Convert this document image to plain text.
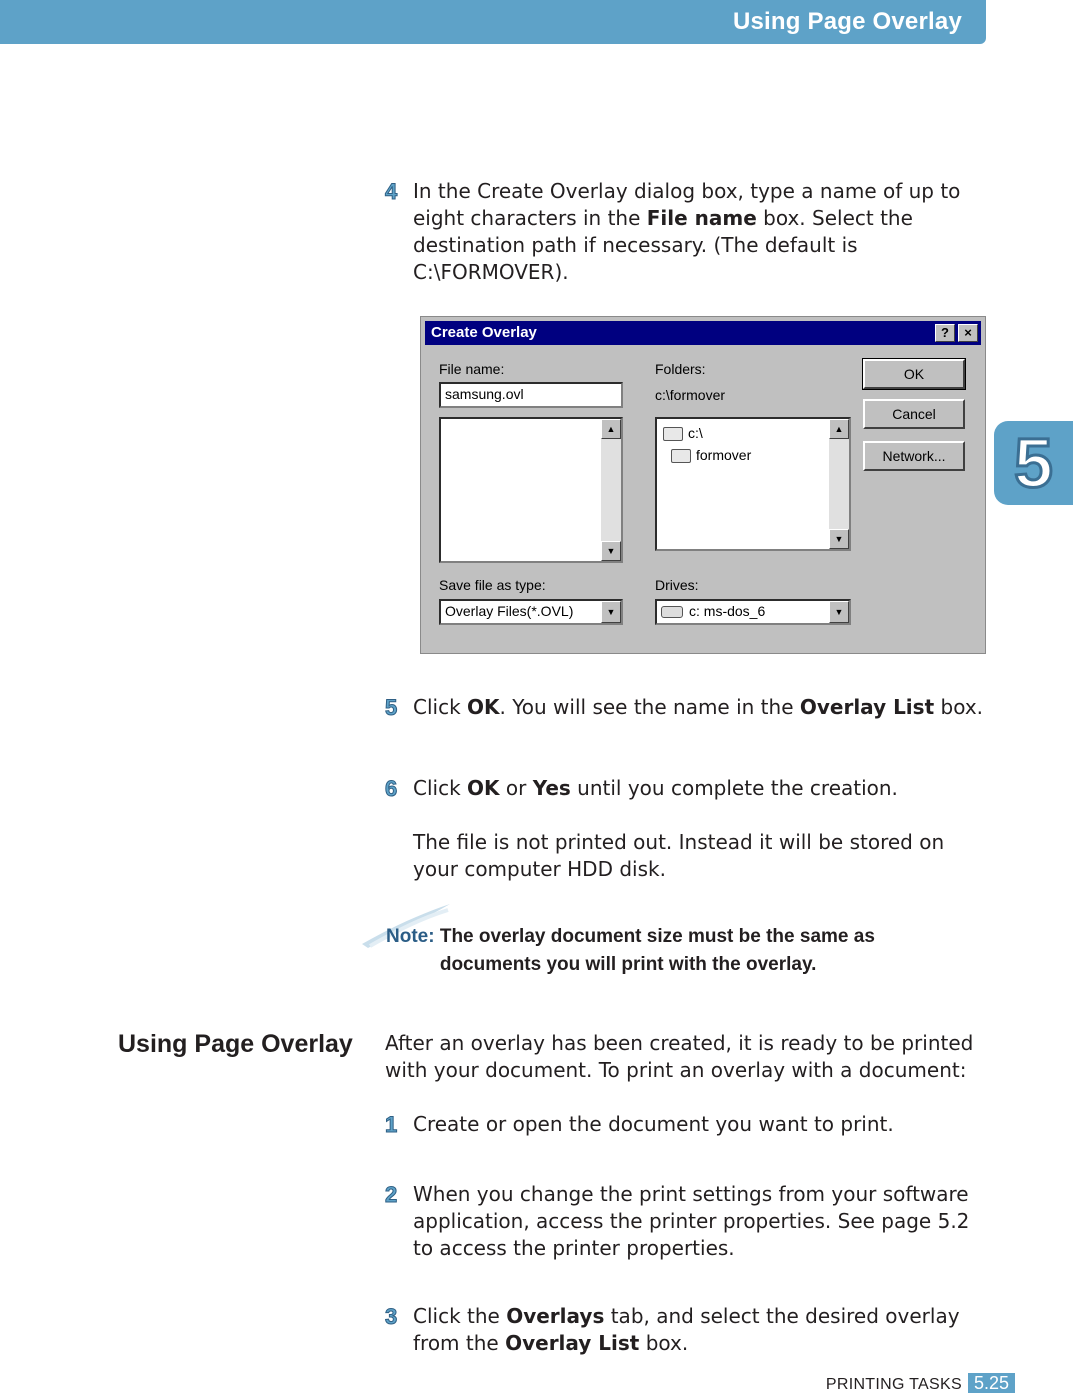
Using Page Overlay
5
4 In the Create Overlay dialog box, type a name of up to eight characters in the File name box. Select the destination path if necessary. (The default is C:\FORMOVER).
Create Overlay	?	×
File name:
samsung.ovl
▲
▼
Folders:
c:\formover
c:\
formover
▲
▼
OK
Cancel
Network...
Save file as type:
Overlay Files(*.OVL)	▼
Drives:
c: ms-dos_6	▼
5 Click OK. You will see the name in the Overlay List box.
6 Click OK or Yes until you complete the creation.
The file is not printed out. Instead it will be stored on your computer HDD disk.
Note: The overlay document size must be the same as documents you will print with the overlay.
Using Page Overlay After an overlay has been created, it is ready to be printed with your document. To print an overlay with a document:
1 Create or open the document you want to print.
2 When you change the print settings from your software application, access the printer properties. See page 5.2 to access the printer properties.
3 Click the Overlays tab, and select the desired overlay from the Overlay List box.
PRINTING TASKS 5.25
